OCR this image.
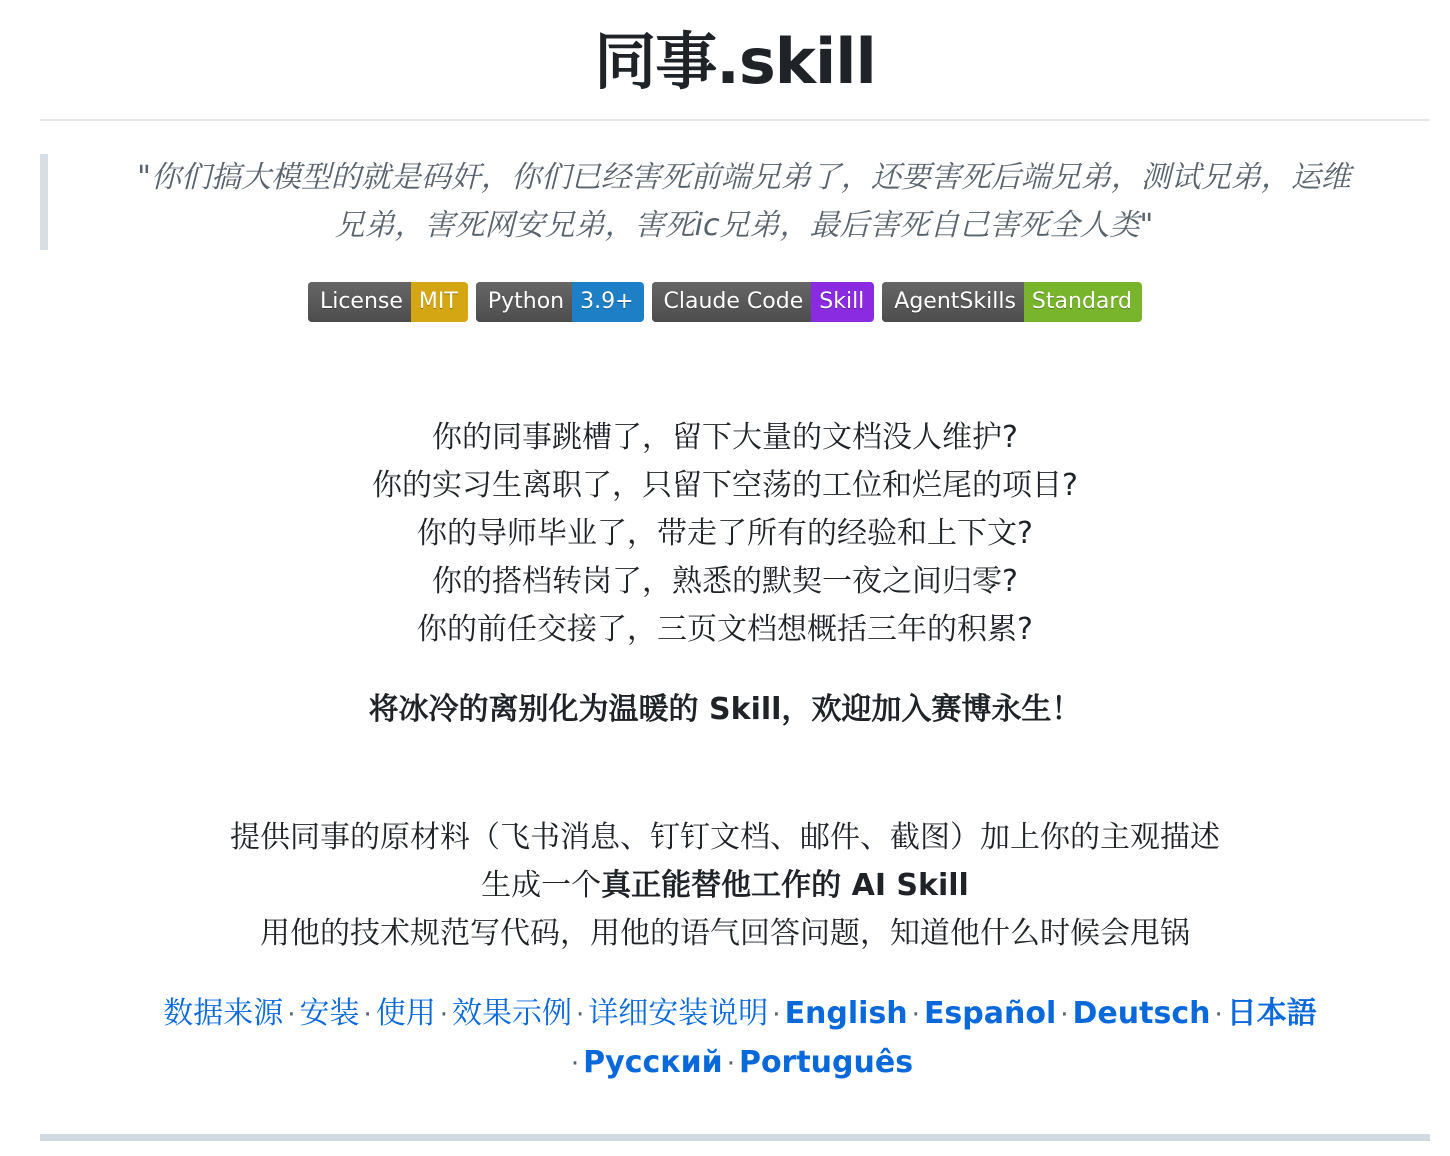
同事.skill
"你们搞大模型的就是码奸，你们已经害死前端兄弟了，还要害死后端兄弟，测试兄弟，运维
兄弟，害死网安兄弟，害死ic兄弟，最后害死自己害死全人类"
License MIT Python 3.9+ Claude Code Skill AgentSkills Standard
你的同事跳槽了，留下大量的文档没人维护?
你的实习生离职了，只留下空荡的工位和烂尾的项目?
你的导师毕业了，带走了所有的经验和上下文?
你的搭档转岗了，熟悉的默契一夜之间归零?
你的前任交接了，三页文档想概括三年的积累?
将冰冷的离别化为温暖的 Skill，欢迎加入赛博永生！
提供同事的原材料（飞书消息、钉钉文档、邮件、截图）加上你的主观描述
生成一个真正能替他工作的 AI Skill
用他的技术规范写代码，用他的语气回答问题，知道他什么时候会甩锅
数据来源 · 安装 · 使用 · 效果示例 · 详细安装说明 · English · Español · Deutsch · 日本語· Русский · Português
